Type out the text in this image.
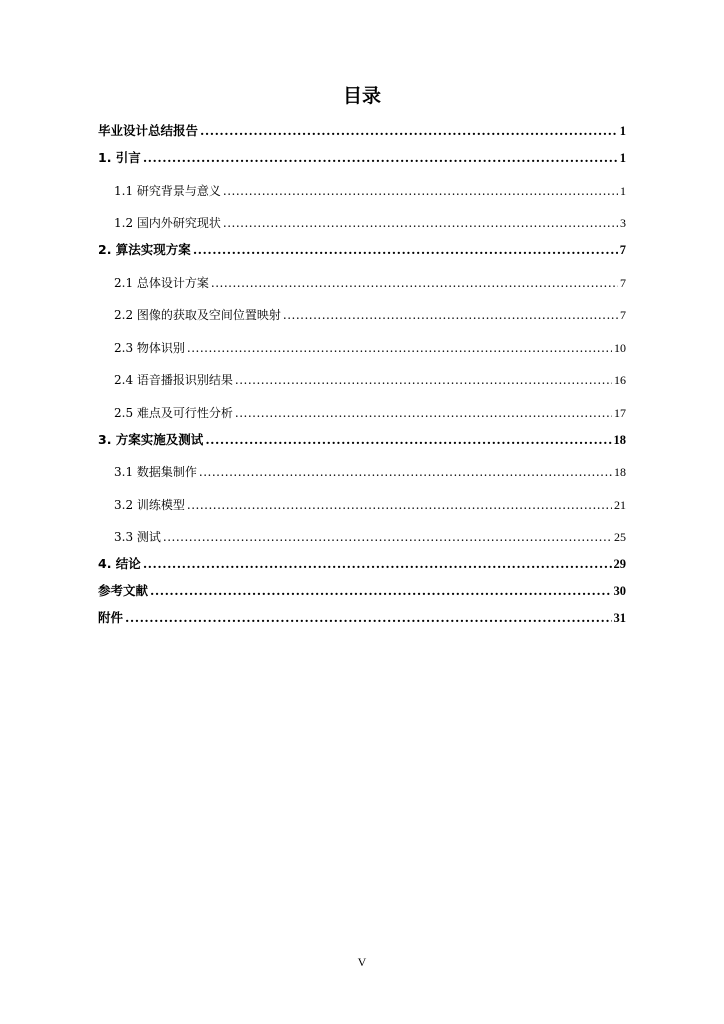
目录
毕业设计总结报告 .....	1
1. 引言 .....	1
1.1 研究背景与意义 .....	1
1.2 国内外研究现状 .....	3
2. 算法实现方案 .....	7
2.1 总体设计方案 .....	7
2.2 图像的获取及空间位置映射 .....	7
2.3 物体识别 .....	10
2.4 语音播报识别结果 .....	16
2.5 难点及可行性分析 .....	17
3. 方案实施及测试 .....	18
3.1 数据集制作 .....	18
3.2 训练模型 .....	21
3.3 测试 .....	25
4. 结论 .....	29
参考文献 .....	30
附件 .....	31
V
